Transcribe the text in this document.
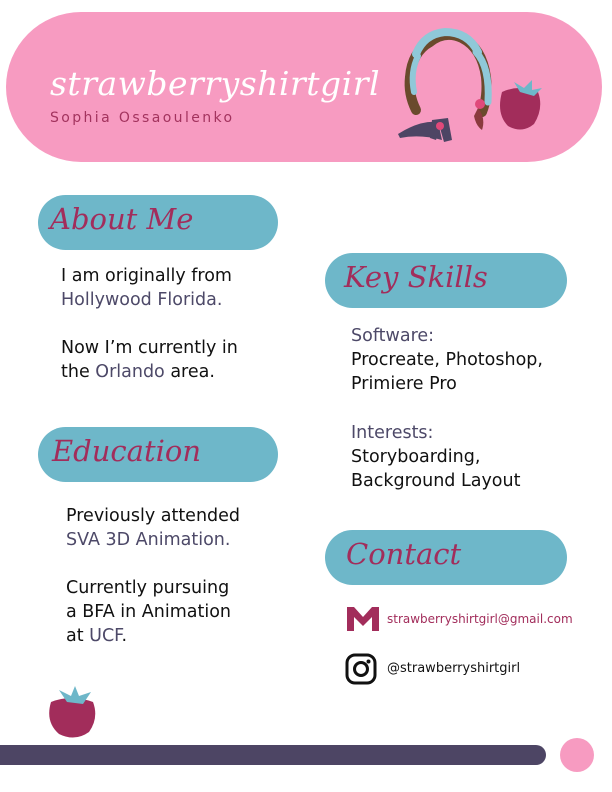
strawberryshirtgirl
Sophia Ossaoulenko
About Me
I am originally from
Hollywood Florida.
Now I’m currently in
the Orlando area.
Education
Previously attended
SVA 3D Animation.
Currently pursuing
a BFA in Animation
at UCF.
Key Skills
Software:
Procreate, Photoshop,
Primiere Pro
Interests:
Storyboarding,
Background Layout
Contact
strawberryshirtgirl@gmail.com
@strawberryshirtgirl
